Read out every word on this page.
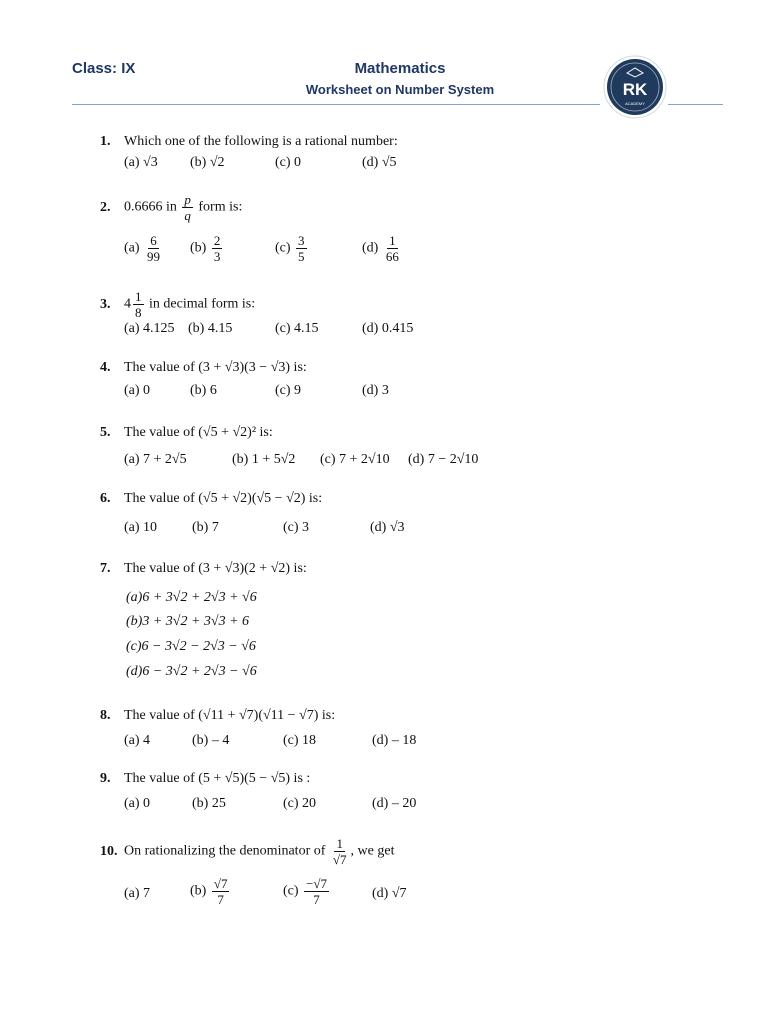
Class: IX	Mathematics
Worksheet on Number System	RK
ACADEMY
1. Which one of the following is a rational number:
(a) √3 (b) √2	(c) 0	(d) √5
2. 0.6666 in $\frac{p}{q}$ form is:
$(a) \frac{6}{99} (b) \frac{2}{3}$	$(c) \frac{3}{5}$	$(d) \frac{1}{66}$
3. $4 \frac{1}{8}$ in decimal form is:
(a) 4.125 (b) 4.15	(c) 4.15	(d) 0.415
4. The value of (3 + √3)(3 − √3) is:
(a) 0	(b) 6	(c) 9	(d) 3
5. The value of (√5 + √2)² is:
(a) 7 + 2√5	(b) 1 + 5√2 (c) 7 + 2√10 (d) 7 − 2√10
6. The value of (√5 + √2)(√5 − √2) is:
(a) 10 (b) 7	(c) 3	(d) √3
7. The value of (3 + √3)(2 + √2) is:
(a)6 + 3√2 + 2√3 + √6
(b)3 + 3√2 + 3√3 + 6
(c)6 − 3√2 − 2√3 − √6
(d)6 − 3√2 + 2√3 − √6
8. The value of (√11 + √7)(√11 − √7) is:
(a) 4	(b) – 4	(c) 18	(d) – 18
9. The value of (5 + √5)(5 − √5) is :
(a) 0	(b) 25	(c) 20	(d) – 20
10. On rationalizing the denominator of $\frac{1}{√7}$ , we get
(a) 7	$(b) \frac{√7}{7}$	$(c) \frac{-√7}{7}$	(d) √7
